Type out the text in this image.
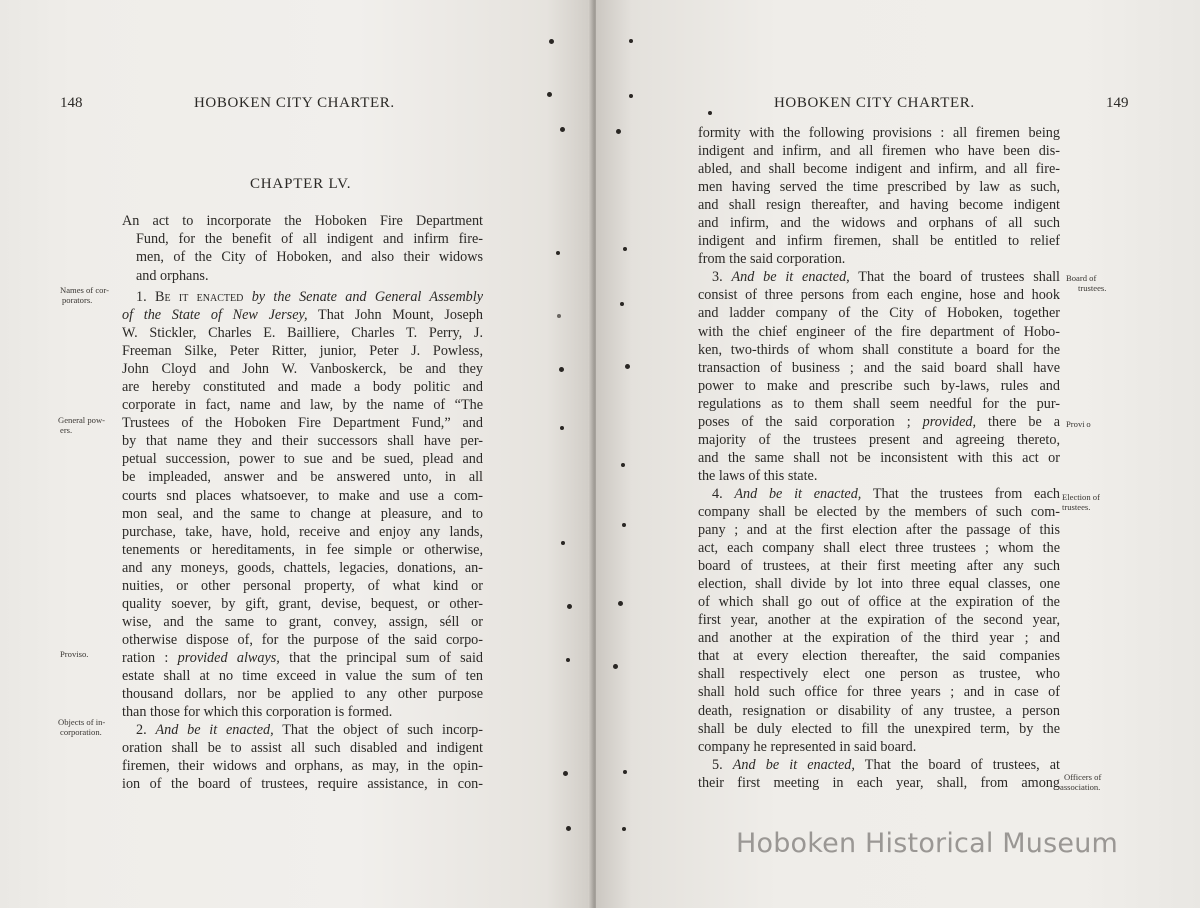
148	HOBOKEN CITY CHARTER.
CHAPTER LV.
An act to incorporate the Hoboken Fire Department
Fund, for the benefit of all indigent and infirm fire-
men, of the City of Hoboken, and also their widows
and orphans.
1. Be it enacted by the Senate and General Assembly
of the State of New Jersey, That John Mount, Joseph
W. Stickler, Charles E. Bailliere, Charles T. Perry, J.
Freeman Silke, Peter Ritter, junior, Peter J. Powless,
John Cloyd and John W. Vanboskerck, be and they
are hereby constituted and made a body politic and
corporate in fact, name and law, by the name of “The
Trustees of the Hoboken Fire Department Fund,” and
by that name they and their successors shall have per-
petual succession, power to sue and be sued, plead and
be impleaded, answer and be answered unto, in all
courts snd places whatsoever, to make and use a com-
mon seal, and the same to change at pleasure, and to
purchase, take, have, hold, receive and enjoy any lands,
tenements or hereditaments, in fee simple or otherwise,
and any moneys, goods, chattels, legacies, donations, an-
nuities, or other personal property, of what kind or
quality soever, by gift, grant, devise, bequest, or other-
wise, and the same to grant, convey, assign, séll or
otherwise dispose of, for the purpose of the said corpo-
ration : provided always, that the principal sum of said
estate shall at no time exceed in value the sum of ten
thousand dollars, nor be applied to any other purpose
than those for which this corporation is formed.
2. And be it enacted, That the object of such incorp-
oration shall be to assist all such disabled and indigent
firemen, their widows and orphans, as may, in the opin-
ion of the board of trustees, require assistance, in con-
Names of cor-
porators.
General pow-
ers.
Proviso.
Objects of in-
corporation.
HOBOKEN CITY CHARTER.	149
Board of
trustees.
Provi o
Election of
trustees.
Officers of
association.
formity with the following provisions : all firemen being
indigent and infirm, and all firemen who have been dis-
abled, and shall become indigent and infirm, and all fire-
men having served the time prescribed by law as such,
and shall resign thereafter, and having become indigent
and infirm, and the widows and orphans of all such
indigent and infirm firemen, shall be entitled to relief
from the said corporation.
3. And be it enacted, That the board of trustees shall
consist of three persons from each engine, hose and hook
and ladder company of the City of Hoboken, together
with the chief engineer of the fire department of Hobo-
ken, two-thirds of whom shall constitute a board for the
transaction of business ; and the said board shall have
power to make and prescribe such by-laws, rules and
regulations as to them shall seem needful for the pur-
poses of the said corporation ; provided, there be a
majority of the trustees present and agreeing thereto,
and the same shall not be inconsistent with this act or
the laws of this state.
4. And be it enacted, That the trustees from each
company shall be elected by the members of such com-
pany ; and at the first election after the passage of this
act, each company shall elect three trustees ; whom the
board of trustees, at their first meeting after any such
election, shall divide by lot into three equal classes, one
of which shall go out of office at the expiration of the
first year, another at the expiration of the second year,
and another at the expiration of the third year ; and
that at every election thereafter, the said companies
shall respectively elect one person as trustee, who
shall hold such office for three years ; and in case of
death, resignation or disability of any trustee, a person
shall be duly elected to fill the unexpired term, by the
company he represented in said board.
5. And be it enacted, That the board of trustees, at
their first meeting in each year, shall, from among
Hoboken Historical Museum
